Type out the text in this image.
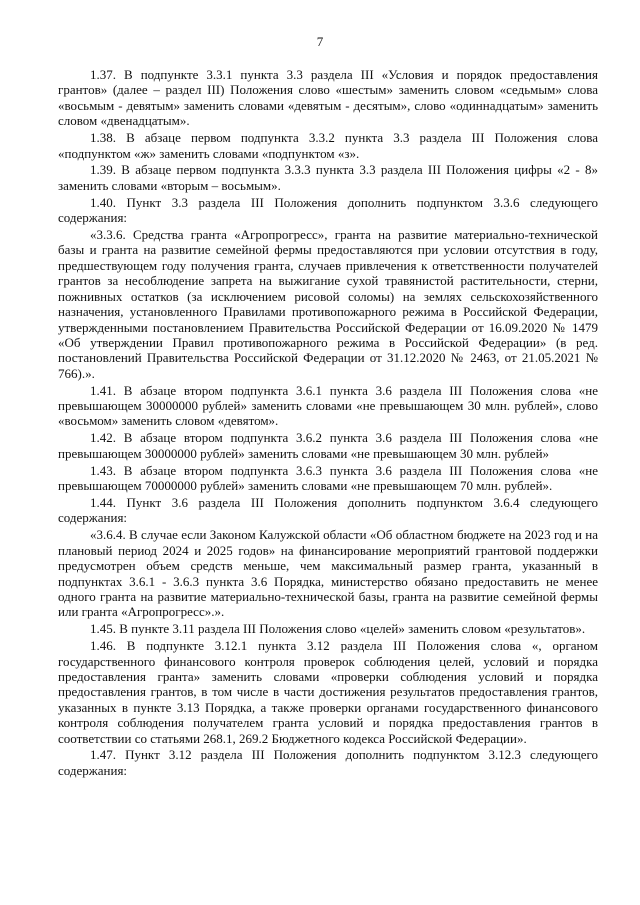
7

1.37. В подпункте 3.3.1 пункта 3.3 раздела III «Условия и порядок предоставления грантов» (далее – раздел III) Положения слово «шестым» заменить словом «седьмым» слова «восьмым - девятым» заменить словами «девятым - десятым», слово «одиннадцатым» заменить словом «двенадцатым».

1.38. В абзаце первом подпункта 3.3.2 пункта 3.3 раздела III Положения слова «подпунктом «ж» заменить словами «подпунктом «з».

1.39. В абзаце первом подпункта 3.3.3 пункта 3.3 раздела III Положения цифры «2 - 8» заменить словами «вторым – восьмым».

1.40. Пункт 3.3 раздела III Положения дополнить подпунктом 3.3.6 следующего содержания:

«3.3.6. Средства гранта «Агропрогресс», гранта на развитие материально-технической базы и гранта на развитие семейной фермы предоставляются при условии отсутствия в году, предшествующем году получения гранта, случаев привлечения к ответственности получателей грантов за несоблюдение запрета на выжигание сухой травянистой растительности, стерни, пожнивных остатков (за исключением рисовой соломы) на землях сельскохозяйственного назначения, установленного Правилами противопожарного режима в Российской Федерации, утвержденными постановлением Правительства Российской Федерации от 16.09.2020 № 1479 «Об утверждении Правил противопожарного режима в Российской Федерации» (в ред. постановлений Правительства Российской Федерации от 31.12.2020 № 2463, от 21.05.2021 № 766).».

1.41. В абзаце втором подпункта 3.6.1 пункта 3.6 раздела III Положения слова «не превышающем 30000000 рублей» заменить словами «не превышающем 30 млн. рублей», слово «восьмом» заменить словом «девятом».

1.42. В абзаце втором подпункта 3.6.2 пункта 3.6 раздела III Положения слова «не превышающем 30000000 рублей» заменить словами «не превышающем 30 млн. рублей»

1.43. В абзаце втором подпункта 3.6.3 пункта 3.6 раздела III Положения слова «не превышающем 70000000 рублей» заменить словами «не превышающем 70 млн. рублей».

1.44. Пункт 3.6 раздела III Положения дополнить подпунктом 3.6.4 следующего содержания:

«3.6.4. В случае если Законом Калужской области «Об областном бюджете на 2023 год и на плановый период 2024 и 2025 годов» на финансирование мероприятий грантовой поддержки предусмотрен объем средств меньше, чем максимальный размер гранта, указанный в подпунктах 3.6.1 - 3.6.3 пункта 3.6 Порядка, министерство обязано предоставить не менее одного гранта на развитие материально-технической базы, гранта на развитие семейной фермы или гранта «Агропрогресс».».

1.45. В пункте 3.11 раздела III Положения слово «целей» заменить словом «результатов».

1.46. В подпункте 3.12.1 пункта 3.12 раздела III Положения слова «, органом государственного финансового контроля проверок соблюдения целей, условий и порядка предоставления гранта» заменить словами «проверки соблюдения условий и порядка предоставления грантов, в том числе в части достижения результатов предоставления грантов, указанных в пункте 3.13 Порядка, а также проверки органами государственного финансового контроля соблюдения получателем гранта условий и порядка предоставления грантов в соответствии со статьями 268.1, 269.2 Бюджетного кодекса Российской Федерации».

1.47. Пункт 3.12 раздела III Положения дополнить подпунктом 3.12.3 следующего содержания:
